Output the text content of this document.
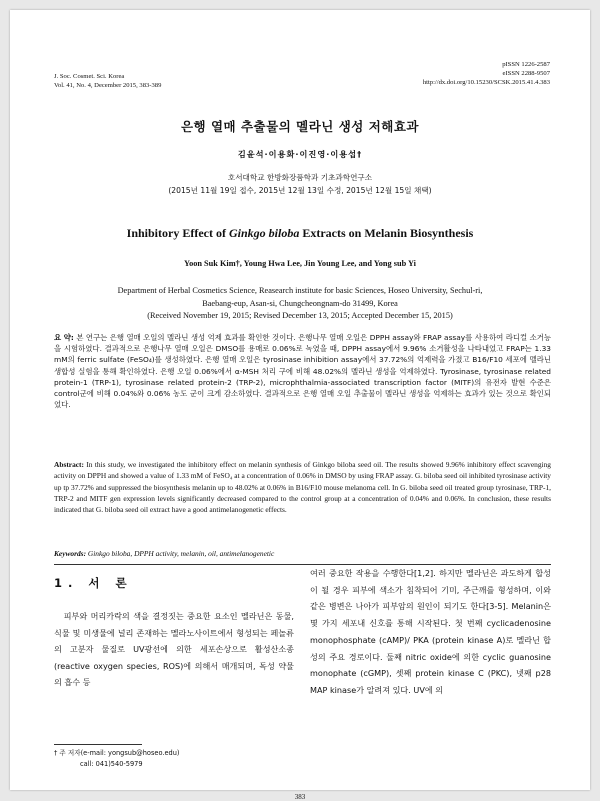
J. Soc. Cosmet. Sci. Korea
Vol. 41, No. 4, December 2015, 383-389
pISSN 1226-2587
eISSN 2288-9507
http://dx.doi.org/10.15230/SCSK.2015.41.4.383
은행 열매 추출물의 멜라닌 생성 저해효과
김윤석·이용화·이진영·이용섭†
호서대학교 한방화장품학과 기초과학연구소
(2015년 11월 19일 접수, 2015년 12월 13일 수정, 2015년 12월 15일 채택)
Inhibitory Effect of Ginkgo biloba Extracts on Melanin Biosynthesis
Yoon Suk Kim†, Young Hwa Lee, Jin Young Lee, and Yong sub Yi
Department of Herbal Cosmetics Science, Reasearch institute for basic Sciences, Hoseo University, Sechul-ri,
Baebang-eup, Asan-si, Chungcheongnam-do 31499, Korea
(Received November 19, 2015; Revised December 13, 2015; Accepted December 15, 2015)

요 약: 본 연구는 은행 열매 오일의 멜라닌 생성 억제 효과를 확인한 것이다. 은행나무 열매 오일은 DPPH assay와 FRAP assay를 사용하여 라디컬 소거능을 시험하였다. 결과적으로 은행나무 열매 오일은 DMSO를 용매로 0.06%로 녹였을 때, DPPH assay에서 9.96% 소거활성을 나타내었고 FRAP는 1.33 mM의 ferric sulfate (FeSO₄)를 생성하였다. 은행 열매 오일은 tyrosinase inhibition assay에서 37.72%의 억제력을 가졌고 B16/F10 세포에 멜라닌 생합성 실험을 통해 확인하였다. 은행 오일 0.06%에서 α-MSH 처리 구에 비해 48.02%의 멜라닌 생성을 억제하였다. Tyrosinase, tyrosinase related protein-1 (TRP-1), tyrosinase related protein-2 (TRP-2), microphthalmia-associated transcription factor (MITF)의 유전자 발현 수준은 control군에 비해 0.04%와 0.06% 농도 군이 크게 감소하였다. 결과적으로 은행 열매 오일 추출물이 멜라닌 생성을 억제하는 효과가 있는 것으로 확인되었다.

Abstract: In this study, we investigated the inhibitory effect on melanin synthesis of Ginkgo biloba seed oil. The results showed 9.96% inhibitory effect scavenging activity on DPPH and showed a value of 1.33 mM of FeSO₄ at a concentration of 0.06% in DMSO by using FRAP assay. G. biloba seed oil inhibited tyrosinase activity up tp 37.72% and suppressed the biosynthesis melanin up to 48.02% at 0.06% in B16/F10 mouse melanoma cell. In G. biloba seed oil treated group tyrosinase, TRP-1, TRP-2 and MITF gen expression levels significantly decreased compared to the control group at a concentration of 0.04% and 0.06%. In conclusion, these results indicated that G. biloba seed oil extract have a good antimelanogenetic effects.

Keywords: Ginkgo biloba, DPPH activity, melanin, oil, antimelanogenetic

1. 서 론

피부와 머리카락의 색을 결정짓는 중요한 요소인 멜라닌은 동물, 식물 및 미생물에 널리 존재하는 멜라노사이트에서 형성되는 페놀류의 고분자 물질로 UV광선에 의한 세포손상으로 활성산소종(reactive oxygen species, ROS)에 의해서 매개되며, 독성 약물의 흡수 등

여러 중요한 작용을 수행한다[1,2]. 하지만 멜라닌은 과도하게 합성이 될 경우 피부에 색소가 침착되어 기미, 주근깨를 형성하며, 이와 같은 병변은 나아가 피부암의 원인이 되기도 한다[3-5]. Melanin은 몇 가지 세포내 신호를 통해 시작된다. 첫 번째 cyclicadenosine monophosphate (cAMP)/ PKA (protein kinase A)로 멜라닌 합성의 주요 경로이다. 둘째 nitric oxide에 의한 cyclic guanosine monophate (cGMP), 셋째 protein kinase C (PKC), 넷째 p28 MAP kinase가 알려져 있다. UV에 의

† 주 저자(e-mail: yongsub@hoseo.edu)
call: 041)540-5979
383
